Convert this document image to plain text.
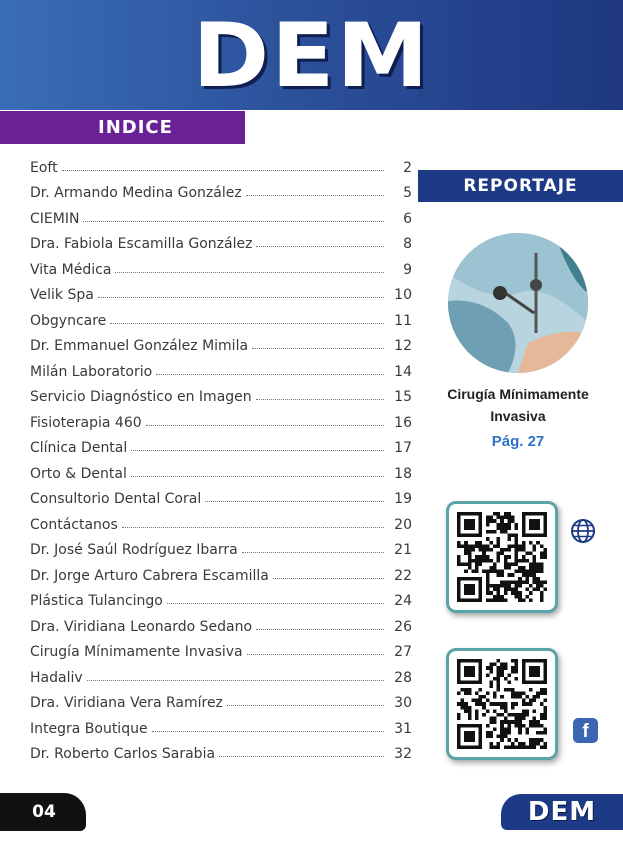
DEM
INDICE
Eoft	2
Dr. Armando Medina González	5
CIEMIN	6
Dra. Fabiola Escamilla González	8
Vita Médica	9
Velik Spa	10
Obgyncare	11
Dr. Emmanuel González Mimila	12
Milán Laboratorio	14
Servicio Diagnóstico en Imagen	15
Fisioterapia 460	16
Clínica Dental	17
Orto & Dental	18
Consultorio Dental Coral	19
Contáctanos	20
Dr. José Saúl Rodríguez Ibarra	21
Dr. Jorge Arturo Cabrera Escamilla	22
Plástica Tulancingo	24
Dra. Viridiana Leonardo Sedano	26
Cirugía Mínimamente Invasiva	27
Hadaliv	28
Dra. Viridiana Vera Ramírez	30
Integra Boutique	31
Dr. Roberto Carlos Sarabia	32
REPORTAJE
Cirugía Mínimamente
Invasiva
Pág. 27
f
04	DEM
